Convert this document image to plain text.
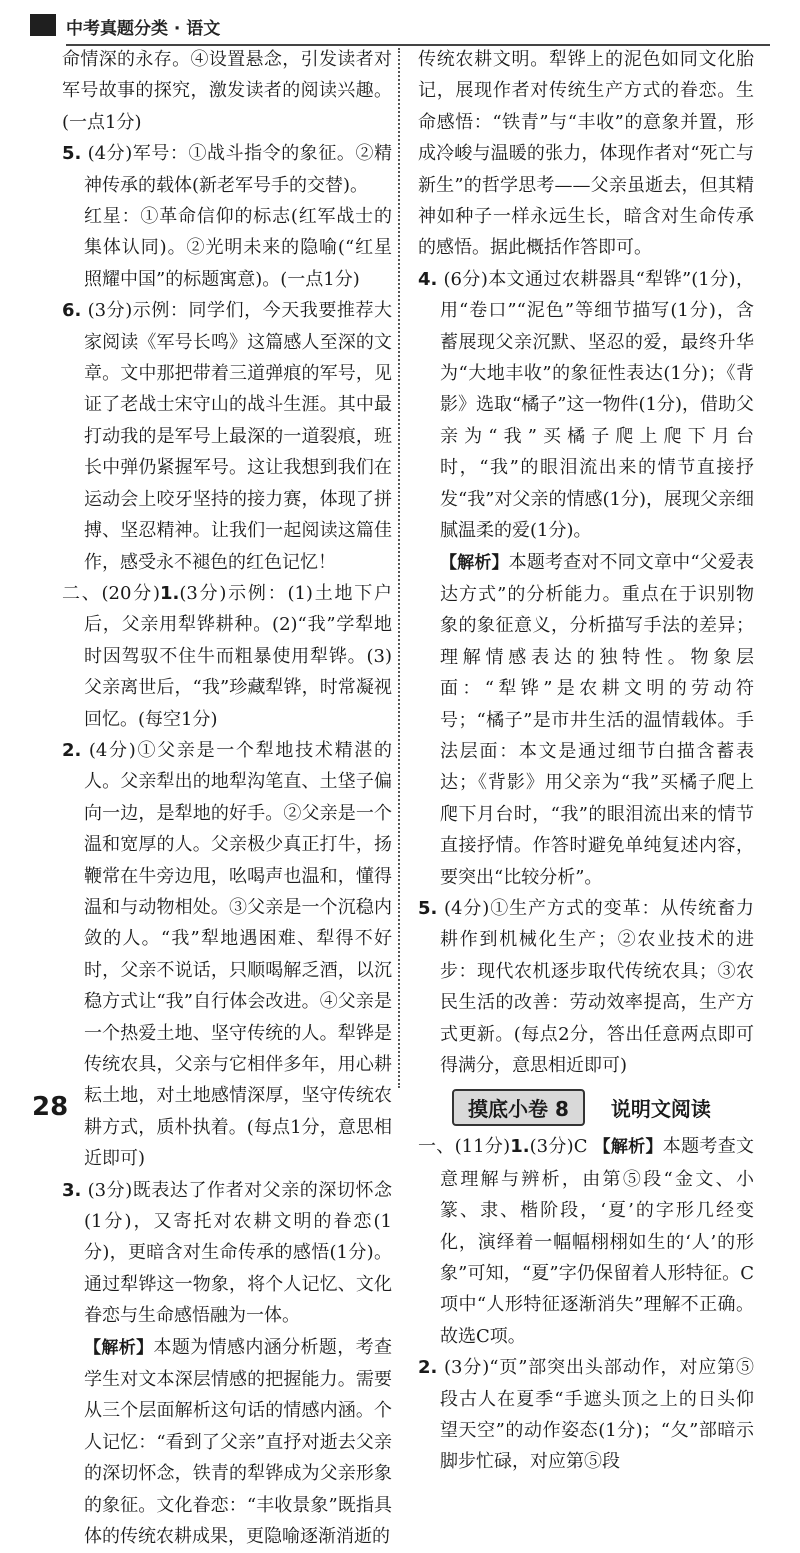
中考真题分类 · 语文

命情深的永存。④设置悬念，引发读者对军号故事的探究，激发读者的阅读兴趣。(一点1分)

5. (4分)军号：①战斗指令的象征。②精神传承的载体(新老军号手的交替)。

红星：①革命信仰的标志(红军战士的集体认同)。②光明未来的隐喻(“红星照耀中国”的标题寓意)。(一点1分)

6. (3分)示例：同学们，今天我要推荐大家阅读《军号长鸣》这篇感人至深的文章。文中那把带着三道弹痕的军号，见证了老战士宋守山的战斗生涯。其中最打动我的是军号上最深的一道裂痕，班长中弹仍紧握军号。这让我想到我们在运动会上咬牙坚持的接力赛，体现了拼搏、坚忍精神。让我们一起阅读这篇佳作，感受永不褪色的红色记忆！

二、(20分)1.(3分)示例：(1)土地下户后，父亲用犁铧耕种。(2)“我”学犁地时因驾驭不住牛而粗暴使用犁铧。(3)父亲离世后，“我”珍藏犁铧，时常凝视回忆。(每空1分)

2. (4分)①父亲是一个犁地技术精湛的人。父亲犁出的地犁沟笔直、土垡子偏向一边，是犁地的好手。②父亲是一个温和宽厚的人。父亲极少真正打牛，扬鞭常在牛旁边甩，吆喝声也温和，懂得温和与动物相处。③父亲是一个沉稳内敛的人。“我”犁地遇困难、犁得不好时，父亲不说话，只顺喝解乏酒，以沉稳方式让“我”自行体会改进。④父亲是一个热爱土地、坚守传统的人。犁铧是传统农具，父亲与它相伴多年，用心耕耘土地，对土地感情深厚，坚守传统农耕方式，质朴执着。(每点1分，意思相近即可)

3. (3分)既表达了作者对父亲的深切怀念(1分)，又寄托对农耕文明的眷恋(1分)，更暗含对生命传承的感悟(1分)。通过犁铧这一物象，将个人记忆、文化眷恋与生命感悟融为一体。

【解析】本题为情感内涵分析题，考查学生对文本深层情感的把握能力。需要从三个层面解析这句话的情感内涵。个人记忆：“看到了父亲”直抒对逝去父亲的深切怀念，铁青的犁铧成为父亲形象的象征。文化眷恋：“丰收景象”既指具体的传统农耕成果，更隐喻逐渐消逝的

传统农耕文明。犁铧上的泥色如同文化胎记，展现作者对传统生产方式的眷恋。生命感悟：“铁青”与“丰收”的意象并置，形成冷峻与温暖的张力，体现作者对“死亡与新生”的哲学思考——父亲虽逝去，但其精神如种子一样永远生长，暗含对生命传承的感悟。据此概括作答即可。

4. (6分)本文通过农耕器具“犁铧”(1分)，用“卷口”“泥色”等细节描写(1分)，含蓄展现父亲沉默、坚忍的爱，最终升华为“大地丰收”的象征性表达(1分)；《背影》选取“橘子”这一物件(1分)，借助父亲为“我”买橘子爬上爬下月台时，“我”的眼泪流出来的情节直接抒发“我”对父亲的情感(1分)，展现父亲细腻温柔的爱(1分)。

【解析】本题考查对不同文章中“父爱表达方式”的分析能力。重点在于识别物象的象征意义，分析描写手法的差异；理解情感表达的独特性。物象层面：“犁铧”是农耕文明的劳动符号；“橘子”是市井生活的温情载体。手法层面：本文是通过细节白描含蓄表达；《背影》用父亲为“我”买橘子爬上爬下月台时，“我”的眼泪流出来的情节直接抒情。作答时避免单纯复述内容，要突出“比较分析”。

5. (4分)①生产方式的变革：从传统畜力耕作到机械化生产；②农业技术的进步：现代农机逐步取代传统农具；③农民生活的改善：劳动效率提高，生产方式更新。(每点2分，答出任意两点即可得满分，意思相近即可)

摸底小卷 8	说明文阅读

一、(11分)1.(3分)C 【解析】本题考查文意理解与辨析，由第⑤段“金文、小篆、隶、楷阶段，‘夏’的字形几经变化，演绎着一幅幅栩栩如生的‘人’的形象”可知，“夏”字仍保留着人形特征。C项中“人形特征逐渐消失”理解不正确。故选C项。

2. (3分)“页”部突出头部动作，对应第⑤段古人在夏季“手遮头顶之上的日头仰望天空”的动作姿态(1分)；“夂”部暗示脚步忙碌，对应第⑤段

28
